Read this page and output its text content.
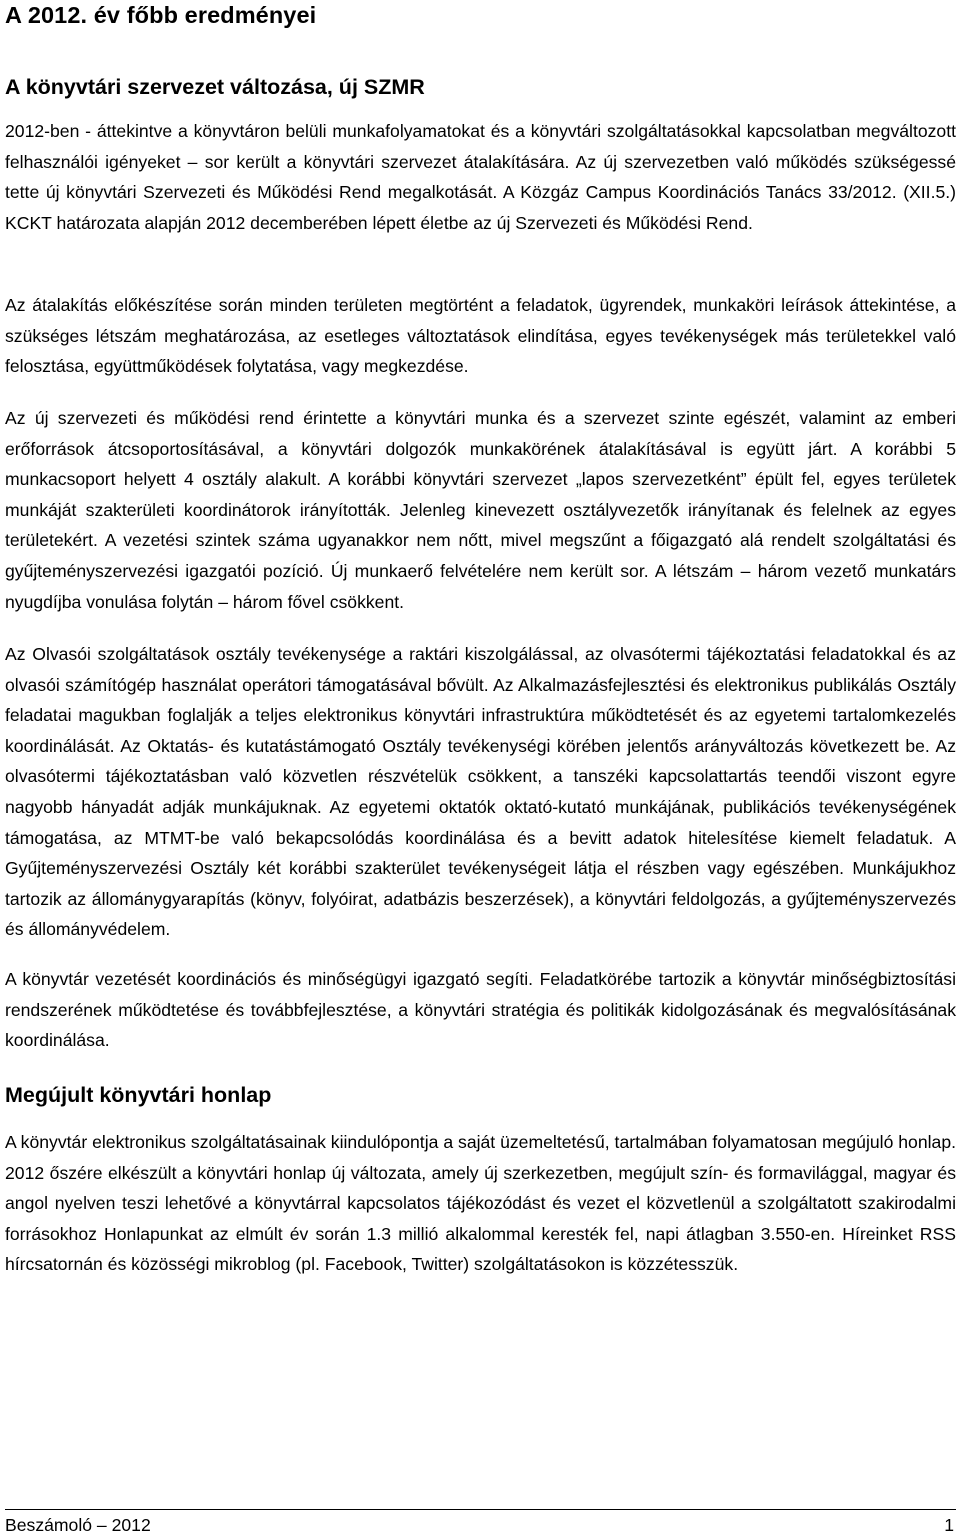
A 2012. év főbb eredményei
A könyvtári szervezet változása, új SZMR

2012-ben - áttekintve a könyvtáron belüli munkafolyamatokat és a könyvtári szolgáltatásokkal kapcsolatban megváltozott felhasználói igényeket – sor került a könyvtári szervezet átalakítására. Az új szervezetben való működés szükségessé tette új könyvtári Szervezeti és Működési Rend megalkotását. A Közgáz Campus Koordinációs Tanács 33/2012. (XII.5.) KCKT határozata alapján 2012 decemberében lépett életbe az új Szervezeti és Működési Rend.

Az átalakítás előkészítése során minden területen megtörtént a feladatok, ügyrendek, munkaköri leírások áttekintése, a szükséges létszám meghatározása, az esetleges változtatások elindítása, egyes tevékenységek más területekkel való felosztása, együttműködések folytatása, vagy megkezdése.

Az új szervezeti és működési rend érintette a könyvtári munka és a szervezet szinte egészét, valamint az emberi erőforrások átcsoportosításával, a könyvtári dolgozók munkakörének átalakításával is együtt járt. A korábbi 5 munkacsoport helyett 4 osztály alakult. A korábbi könyvtári szervezet „lapos szervezetként” épült fel, egyes területek munkáját szakterületi koordinátorok irányították. Jelenleg kinevezett osztályvezetők irányítanak és felelnek az egyes területekért. A vezetési szintek száma ugyanakkor nem nőtt, mivel megszűnt a főigazgató alá rendelt szolgáltatási és gyűjteményszervezési igazgatói pozíció. Új munkaerő felvételére nem került sor. A létszám – három vezető munkatárs nyugdíjba vonulása folytán – három fővel csökkent.

Az Olvasói szolgáltatások osztály tevékenysége a raktári kiszolgálással, az olvasótermi tájékoztatási feladatokkal és az olvasói számítógép használat operátori támogatásával bővült. Az Alkalmazásfejlesztési és elektronikus publikálás Osztály feladatai magukban foglalják a teljes elektronikus könyvtári infrastruktúra működtetését és az egyetemi tartalomkezelés koordinálását. Az Oktatás- és kutatástámogató Osztály tevékenységi körében jelentős arányváltozás következett be. Az olvasótermi tájékoztatásban való közvetlen részvételük csökkent, a tanszéki kapcsolattartás teendői viszont egyre nagyobb hányadát adják munkájuknak. Az egyetemi oktatók oktató-kutató munkájának, publikációs tevékenységének támogatása, az MTMT-be való bekapcsolódás koordinálása és a bevitt adatok hitelesítése kiemelt feladatuk. A Gyűjteményszervezési Osztály két korábbi szakterület tevékenységeit látja el részben vagy egészében. Munkájukhoz tartozik az állománygyarapítás (könyv, folyóirat, adatbázis beszerzések), a könyvtári feldolgozás, a gyűjteményszervezés és állományvédelem.

A könyvtár vezetését koordinációs és minőségügyi igazgató segíti. Feladatkörébe tartozik a könyvtár minőségbiztosítási rendszerének működtetése és továbbfejlesztése, a könyvtári stratégia és politikák kidolgozásának és megvalósításának koordinálása.

Megújult könyvtári honlap

A könyvtár elektronikus szolgáltatásainak kiindulópontja a saját üzemeltetésű, tartalmában folyamatosan megújuló honlap. 2012 őszére elkészült a könyvtári honlap új változata, amely új szerkezetben, megújult szín- és formavilággal, magyar és angol nyelven teszi lehetővé a könyvtárral kapcsolatos tájékozódást és vezet el közvetlenül a szolgáltatott szakirodalmi forrásokhoz Honlapunkat az elmúlt év során 1.3 millió alkalommal keresték fel, napi átlagban 3.550-en. Híreinket RSS hírcsatornán és közösségi mikroblog (pl. Facebook, Twitter) szolgáltatásokon is közzétesszük.

Beszámoló – 2012	1
